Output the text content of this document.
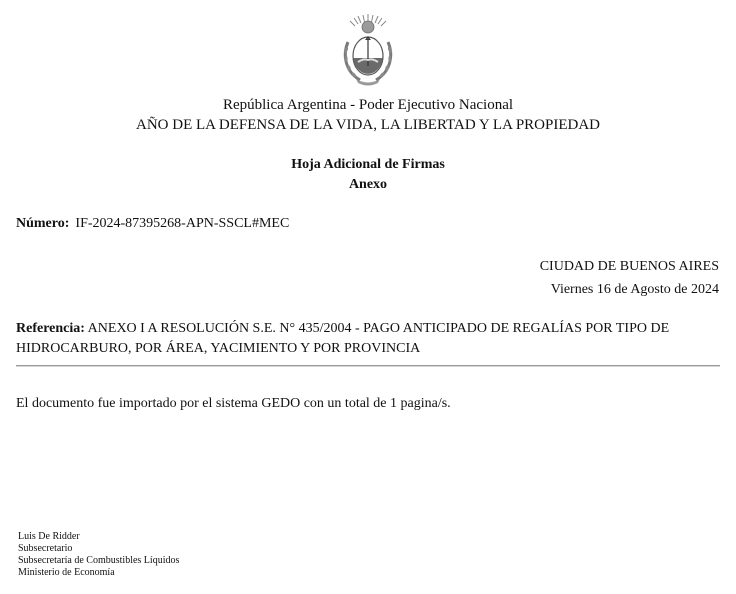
República Argentina - Poder Ejecutivo Nacional
AÑO DE LA DEFENSA DE LA VIDA, LA LIBERTAD Y LA PROPIEDAD
Hoja Adicional de Firmas
Anexo
Número: IF-2024-87395268-APN-SSCL#MEC
CIUDAD DE BUENOS AIRES
Viernes 16 de Agosto de 2024
Referencia: ANEXO I A RESOLUCIÓN S.E. N° 435/2004 - PAGO ANTICIPADO DE REGALÍAS POR TIPO DE HIDROCARBURO, POR ÁREA, YACIMIENTO Y POR PROVINCIA
El documento fue importado por el sistema GEDO con un total de 1 pagina/s.
Luis De Ridder
Subsecretario
Subsecretaría de Combustibles Líquidos
Ministerio de Economía
